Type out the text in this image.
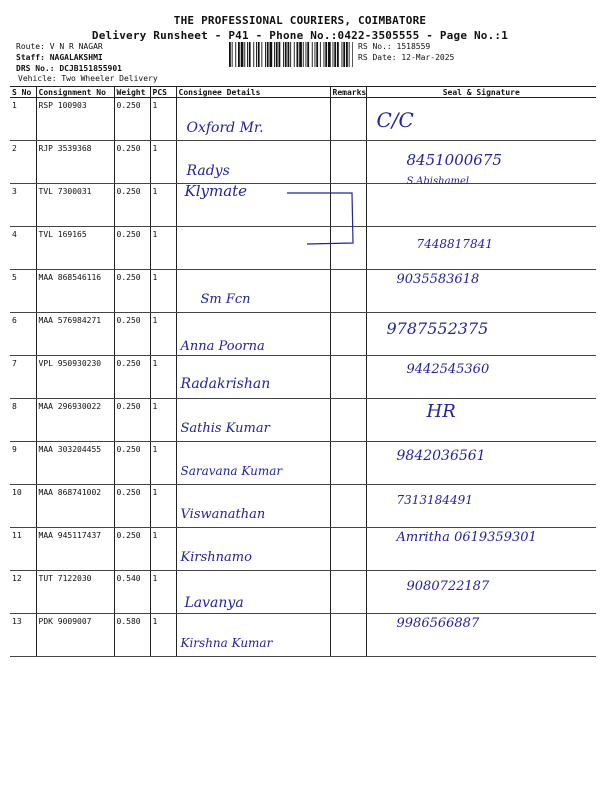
THE PROFESSIONAL COURIERS, COIMBATORE
Delivery Runsheet - P41 - Phone No.:0422-3505555 - Page No.:1
Route: V N R NAGAR
Staff: NAGALAKSHMI
DRS No.: DCJB151855901
Vehicle: Two Wheeler Delivery
RS No.: 1518559
RS Date: 12-Mar-2025
S No	Consignment No	Weight	PCS	Consignee Details	Remarks	Seal & Signature
1	RSP 100903	0.250	1	Oxford Mr.		C/C

2	RJP 3539368	0.250	1	Radys		8451000675

3	TVL 7300031	0.250	1	Klymate		S.Abishamel

4	TVL 169165	0.250	1			7448817841

5	MAA 868546116	0.250	1	Sm Fcn		9035583618

6	MAA 576984271	0.250	1	Anna Poorna		9787552375

7	VPL 950930230	0.250	1	Radakrishan		9442545360

8	MAA 296930022	0.250	1	Sathis Kumar		HR

9	MAA 303204455	0.250	1	Saravana Kumar		9842036561

10	MAA 868741002	0.250	1	Viswanathan		7313184491

11	MAA 945117437	0.250	1	Kirshnamo		Amritha 0619359301

12	TUT 7122030	0.540	1	Lavanya		9080722187

13	PDK 9009007	0.580	1	Kirshna Kumar		9986566887
